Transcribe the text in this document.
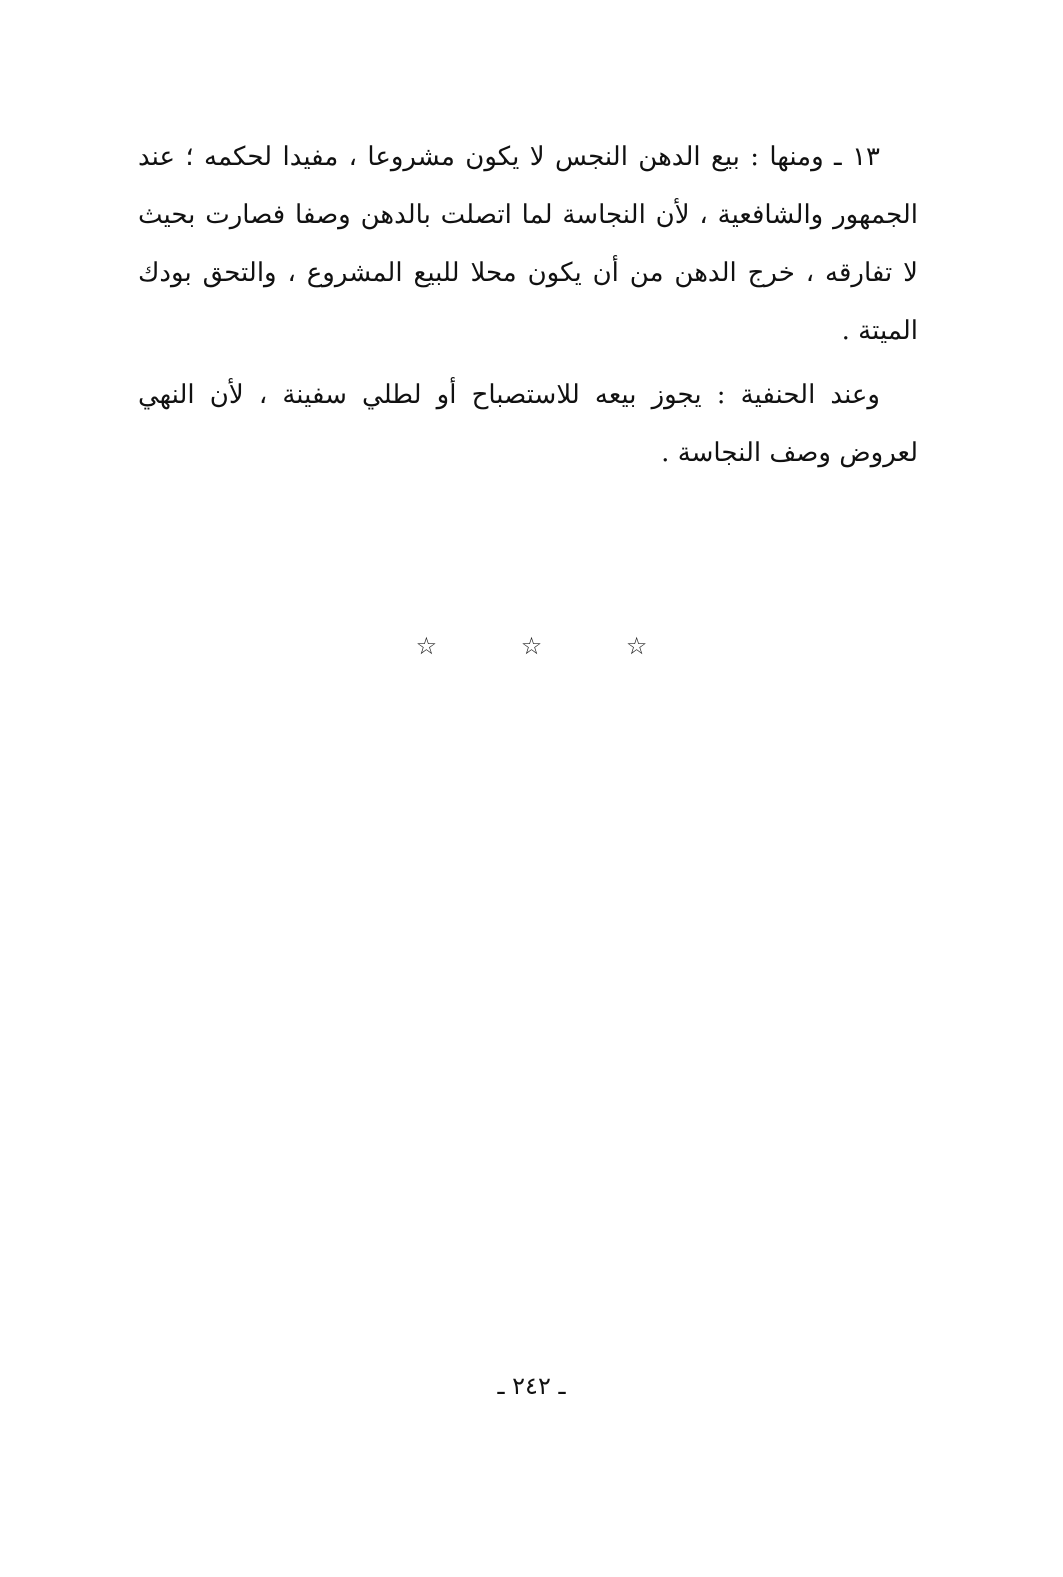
١٣ ـ ومنها : بيع الدهن النجس لا يكون مشروعا ، مفيدا لحكمه ؛ عند الجمهور والشافعية ، لأن النجاسة لما اتصلت بالدهن وصفا فصارت بحيث لا تفارقه ، خرج الدهن من أن يكون محلا للبيع المشروع ، والتحق بودك الميتة .

وعند الحنفية : يجوز بيعه للاستصباح أو لطلي سفينة ، لأن النهي لعروض وصف النجاسة .

☆ ☆ ☆
ـ ٢٤٢ ـ
